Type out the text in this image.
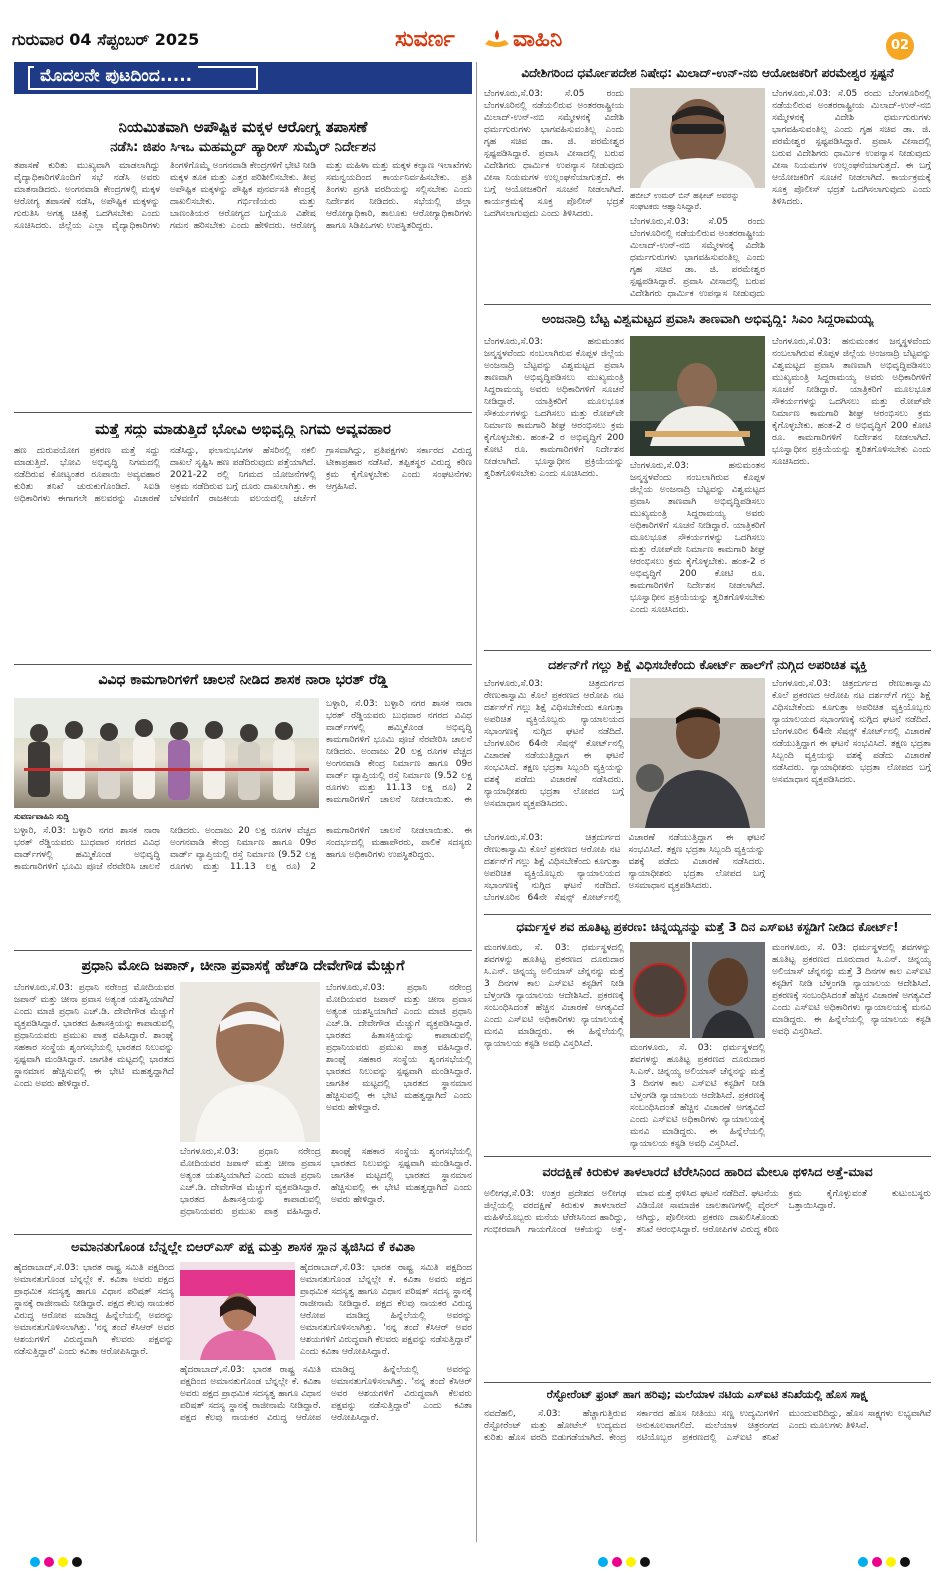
ಗುರುವಾರ 04 ಸೆಪ್ಟಂಬರ್ 2025	ಸುವರ್ಣ	ವಾಹಿನಿ	02
ಮೊದಲನೇ ಪುಟದಿಂದ.....
ನಿಯಮಿತವಾಗಿ ಅಪೌಷ್ಟಿಕ ಮಕ್ಕಳ ಆರೋಗ್ಯ ತಪಾಸಣೆ
ನಡೆಸಿ: ಜಿಪಂ ಸಿಇಒ ಮಹಮ್ಮದ್ ಹ್ಯಾರೀಸ್ ಸುಮೈರ್ ನಿರ್ದೇಶನ
ತಪಾಸಣೆ ಕುರಿತು ಮುಖ್ಯವಾಗಿ ಮಾಡಲಾಗಿದ್ದು ವೈದ್ಯಾಧಿಕಾರಿಗಳೊಂದಿಗೆ ಸಭೆ ನಡೆಸಿ ಅವರು ಮಾತನಾಡಿದರು. ಅಂಗನವಾಡಿ ಕೇಂದ್ರಗಳಲ್ಲಿ ಮಕ್ಕಳ ಆರೋಗ್ಯ ತಪಾಸಣೆ ನಡೆಸಿ, ಅಪೌಷ್ಟಿಕ ಮಕ್ಕಳನ್ನು ಗುರುತಿಸಿ ಅಗತ್ಯ ಚಿಕಿತ್ಸೆ ಒದಗಿಸಬೇಕು ಎಂದು ಸೂಚಿಸಿದರು. ಜಿಲ್ಲೆಯ ಎಲ್ಲಾ ವೈದ್ಯಾಧಿಕಾರಿಗಳು ತಿಂಗಳಿಗೊಮ್ಮೆ ಅಂಗನವಾಡಿ ಕೇಂದ್ರಗಳಿಗೆ ಭೇಟಿ ನೀಡಿ ಮಕ್ಕಳ ತೂಕ ಮತ್ತು ಎತ್ತರ ಪರಿಶೀಲಿಸಬೇಕು. ತೀವ್ರ ಅಪೌಷ್ಟಿಕ ಮಕ್ಕಳನ್ನು ಪೌಷ್ಟಿಕ ಪುನರ್ವಸತಿ ಕೇಂದ್ರಕ್ಕೆ ದಾಖಲಿಸಬೇಕು. ಗರ್ಭಿಣಿಯರು ಮತ್ತು ಬಾಣಂತಿಯರ ಆರೋಗ್ಯದ ಬಗ್ಗೆಯೂ ವಿಶೇಷ ಗಮನ ಹರಿಸಬೇಕು ಎಂದು ಹೇಳಿದರು. ಆರೋಗ್ಯ ಮತ್ತು ಮಹಿಳಾ ಮತ್ತು ಮಕ್ಕಳ ಕಲ್ಯಾಣ ಇಲಾಖೆಗಳು ಸಮನ್ವಯದಿಂದ ಕಾರ್ಯನಿರ್ವಹಿಸಬೇಕು. ಪ್ರತಿ ತಿಂಗಳು ಪ್ರಗತಿ ವರದಿಯನ್ನು ಸಲ್ಲಿಸಬೇಕು ಎಂದು ನಿರ್ದೇಶನ ನೀಡಿದರು. ಸಭೆಯಲ್ಲಿ ಜಿಲ್ಲಾ ಆರೋಗ್ಯಾಧಿಕಾರಿ, ತಾಲೂಕು ಆರೋಗ್ಯಾಧಿಕಾರಿಗಳು ಹಾಗೂ ಸಿಡಿಪಿಒಗಳು ಉಪಸ್ಥಿತರಿದ್ದರು.
ಮತ್ತೆ ಸದ್ದು ಮಾಡುತ್ತಿದೆ ಭೋವಿ ಅಭಿವೃದ್ಧಿ ನಿಗಮ ಅವ್ಯವಹಾರ
ಹಣ ದುರುಪಯೋಗ ಪ್ರಕರಣ ಮತ್ತೆ ಸದ್ದು ಮಾಡುತ್ತಿದೆ. ಭೋವಿ ಅಭಿವೃದ್ಧಿ ನಿಗಮದಲ್ಲಿ ನಡೆದಿರುವ ಕೋಟ್ಯಂತರ ರೂಪಾಯಿ ಅವ್ಯವಹಾರ ಕುರಿತು ತನಿಖೆ ಚುರುಕುಗೊಂಡಿದೆ. ಸಿಐಡಿ ಅಧಿಕಾರಿಗಳು ಈಗಾಗಲೇ ಹಲವರನ್ನು ವಿಚಾರಣೆ ನಡೆಸಿದ್ದು, ಫಲಾನುಭವಿಗಳ ಹೆಸರಿನಲ್ಲಿ ನಕಲಿ ದಾಖಲೆ ಸೃಷ್ಟಿಸಿ ಹಣ ಪಡೆದಿರುವುದು ಪತ್ತೆಯಾಗಿದೆ. 2021-22 ರಲ್ಲಿ ನಿಗಮದ ಯೋಜನೆಗಳಲ್ಲಿ ಅಕ್ರಮ ನಡೆದಿರುವ ಬಗ್ಗೆ ದೂರು ದಾಖಲಾಗಿತ್ತು. ಈ ಬೆಳವಣಿಗೆ ರಾಜಕೀಯ ವಲಯದಲ್ಲಿ ಚರ್ಚೆಗೆ ಗ್ರಾಸವಾಗಿದ್ದು, ಪ್ರತಿಪಕ್ಷಗಳು ಸರ್ಕಾರದ ವಿರುದ್ಧ ಟೀಕಾಪ್ರಹಾರ ನಡೆಸಿವೆ. ತಪ್ಪಿತಸ್ಥರ ವಿರುದ್ಧ ಕಠಿಣ ಕ್ರಮ ಕೈಗೊಳ್ಳಬೇಕು ಎಂದು ಸಂಘಟನೆಗಳು ಆಗ್ರಹಿಸಿವೆ.
ವಿವಿಧ ಕಾಮಗಾರಿಗಳಿಗೆ ಚಾಲನೆ ನೀಡಿದ ಶಾಸಕ ನಾರಾ ಭರತ್ ರೆಡ್ಡಿ
ಬಳ್ಳಾರಿ, ಸೆ.03: ಬಳ್ಳಾರಿ ನಗರ ಶಾಸಕ ನಾರಾ ಭರತ್ ರೆಡ್ಡಿಯವರು ಬುಧವಾರ ನಗರದ ವಿವಿಧ ವಾರ್ಡ್‌ಗಳಲ್ಲಿ ಹಮ್ಮಿಕೊಂಡ ಅಭಿವೃದ್ಧಿ ಕಾಮಗಾರಿಗಳಿಗೆ ಭೂಮಿ ಪೂಜೆ ನೆರವೇರಿಸಿ ಚಾಲನೆ ನೀಡಿದರು. ಅಂದಾಜು 20 ಲಕ್ಷ ರೂಗಳ ವೆಚ್ಚದ ಅಂಗನವಾಡಿ ಕೇಂದ್ರ ನಿರ್ಮಾಣ ಹಾಗೂ 09ರ ವಾರ್ಡ್ ವ್ಯಾಪ್ತಿಯಲ್ಲಿ ರಸ್ತೆ ನಿರ್ಮಾಣ (9.52 ಲಕ್ಷ ರೂಗಳು ಮತ್ತು 11.13 ಲಕ್ಷ ರೂ) 2 ಕಾಮಗಾರಿಗಳಿಗೆ ಚಾಲನೆ ನೀಡಲಾಯಿತು. ಈ
ಸುವರ್ಣವಾಹಿನಿ ಸುದ್ದಿ
ಬಳ್ಳಾರಿ, ಸೆ.03: ಬಳ್ಳಾರಿ ನಗರ ಶಾಸಕ ನಾರಾ ಭರತ್ ರೆಡ್ಡಿಯವರು ಬುಧವಾರ ನಗರದ ವಿವಿಧ ವಾರ್ಡ್‌ಗಳಲ್ಲಿ ಹಮ್ಮಿಕೊಂಡ ಅಭಿವೃದ್ಧಿ ಕಾಮಗಾರಿಗಳಿಗೆ ಭೂಮಿ ಪೂಜೆ ನೆರವೇರಿಸಿ ಚಾಲನೆ ನೀಡಿದರು. ಅಂದಾಜು 20 ಲಕ್ಷ ರೂಗಳ ವೆಚ್ಚದ ಅಂಗನವಾಡಿ ಕೇಂದ್ರ ನಿರ್ಮಾಣ ಹಾಗೂ 09ರ ವಾರ್ಡ್ ವ್ಯಾಪ್ತಿಯಲ್ಲಿ ರಸ್ತೆ ನಿರ್ಮಾಣ (9.52 ಲಕ್ಷ ರೂಗಳು ಮತ್ತು 11.13 ಲಕ್ಷ ರೂ) 2 ಕಾಮಗಾರಿಗಳಿಗೆ ಚಾಲನೆ ನೀಡಲಾಯಿತು. ಈ ಸಂದರ್ಭದಲ್ಲಿ ಮಹಾಪೌರರು, ಪಾಲಿಕೆ ಸದಸ್ಯರು ಹಾಗೂ ಅಧಿಕಾರಿಗಳು ಉಪಸ್ಥಿತರಿದ್ದರು.
ಪ್ರಧಾನಿ ಮೋದಿ ಜಪಾನ್, ಚೀನಾ ಪ್ರವಾಸಕ್ಕೆ ಹೆಚ್‌ಡಿ ದೇವೇಗೌಡ ಮೆಚ್ಚುಗೆ
ಬೆಂಗಳೂರು,ಸೆ.03: ಪ್ರಧಾನಿ ನರೇಂದ್ರ ಮೋದಿಯವರ ಜಪಾನ್ ಮತ್ತು ಚೀನಾ ಪ್ರವಾಸ ಅತ್ಯಂತ ಯಶಸ್ವಿಯಾಗಿದೆ ಎಂದು ಮಾಜಿ ಪ್ರಧಾನಿ ಎಚ್.ಡಿ. ದೇವೇಗೌಡ ಮೆಚ್ಚುಗೆ ವ್ಯಕ್ತಪಡಿಸಿದ್ದಾರೆ. ಭಾರತದ ಹಿತಾಸಕ್ತಿಯನ್ನು ಕಾಪಾಡುವಲ್ಲಿ ಪ್ರಧಾನಿಯವರು ಪ್ರಮುಖ ಪಾತ್ರ ವಹಿಸಿದ್ದಾರೆ. ಶಾಂಘೈ ಸಹಕಾರ ಸಂಸ್ಥೆಯ ಶೃಂಗಸಭೆಯಲ್ಲಿ ಭಾರತದ ನಿಲುವನ್ನು ಸ್ಪಷ್ಟವಾಗಿ ಮಂಡಿಸಿದ್ದಾರೆ. ಜಾಗತಿಕ ಮಟ್ಟದಲ್ಲಿ ಭಾರತದ ಸ್ಥಾನಮಾನ ಹೆಚ್ಚಿಸುವಲ್ಲಿ ಈ ಭೇಟಿ ಮಹತ್ವದ್ದಾಗಿದೆ ಎಂದು ಅವರು ಹೇಳಿದ್ದಾರೆ.
ಬೆಂಗಳೂರು,ಸೆ.03: ಪ್ರಧಾನಿ ನರೇಂದ್ರ ಮೋದಿಯವರ ಜಪಾನ್ ಮತ್ತು ಚೀನಾ ಪ್ರವಾಸ ಅತ್ಯಂತ ಯಶಸ್ವಿಯಾಗಿದೆ ಎಂದು ಮಾಜಿ ಪ್ರಧಾನಿ ಎಚ್.ಡಿ. ದೇವೇಗೌಡ ಮೆಚ್ಚುಗೆ ವ್ಯಕ್ತಪಡಿಸಿದ್ದಾರೆ. ಭಾರತದ ಹಿತಾಸಕ್ತಿಯನ್ನು ಕಾಪಾಡುವಲ್ಲಿ ಪ್ರಧಾನಿಯವರು ಪ್ರಮುಖ ಪಾತ್ರ ವಹಿಸಿದ್ದಾರೆ. ಶಾಂಘೈ ಸಹಕಾರ ಸಂಸ್ಥೆಯ ಶೃಂಗಸಭೆಯಲ್ಲಿ ಭಾರತದ ನಿಲುವನ್ನು ಸ್ಪಷ್ಟವಾಗಿ ಮಂಡಿಸಿದ್ದಾರೆ. ಜಾಗತಿಕ ಮಟ್ಟದಲ್ಲಿ ಭಾರತದ ಸ್ಥಾನಮಾನ ಹೆಚ್ಚಿಸುವಲ್ಲಿ ಈ ಭೇಟಿ ಮಹತ್ವದ್ದಾಗಿದೆ ಎಂದು ಅವರು ಹೇಳಿದ್ದಾರೆ.
ಬೆಂಗಳೂರು,ಸೆ.03: ಪ್ರಧಾನಿ ನರೇಂದ್ರ ಮೋದಿಯವರ ಜಪಾನ್ ಮತ್ತು ಚೀನಾ ಪ್ರವಾಸ ಅತ್ಯಂತ ಯಶಸ್ವಿಯಾಗಿದೆ ಎಂದು ಮಾಜಿ ಪ್ರಧಾನಿ ಎಚ್.ಡಿ. ದೇವೇಗೌಡ ಮೆಚ್ಚುಗೆ ವ್ಯಕ್ತಪಡಿಸಿದ್ದಾರೆ. ಭಾರತದ ಹಿತಾಸಕ್ತಿಯನ್ನು ಕಾಪಾಡುವಲ್ಲಿ ಪ್ರಧಾನಿಯವರು ಪ್ರಮುಖ ಪಾತ್ರ ವಹಿಸಿದ್ದಾರೆ. ಶಾಂಘೈ ಸಹಕಾರ ಸಂಸ್ಥೆಯ ಶೃಂಗಸಭೆಯಲ್ಲಿ ಭಾರತದ ನಿಲುವನ್ನು ಸ್ಪಷ್ಟವಾಗಿ ಮಂಡಿಸಿದ್ದಾರೆ. ಜಾಗತಿಕ ಮಟ್ಟದಲ್ಲಿ ಭಾರತದ ಸ್ಥಾನಮಾನ ಹೆಚ್ಚಿಸುವಲ್ಲಿ ಈ ಭೇಟಿ ಮಹತ್ವದ್ದಾಗಿದೆ ಎಂದು ಅವರು ಹೇಳಿದ್ದಾರೆ.
ಅಮಾನತುಗೊಂಡ ಬೆನ್ನಲ್ಲೇ ಬಿಆರ್‌ಎಸ್ ಪಕ್ಷ ಮತ್ತು ಶಾಸಕ ಸ್ಥಾನ ತ್ಯಜಿಸಿದ ಕೆ ಕವಿತಾ
ಹೈದರಾಬಾದ್,ಸೆ.03: ಭಾರತ ರಾಷ್ಟ್ರ ಸಮಿತಿ ಪಕ್ಷದಿಂದ ಅಮಾನತುಗೊಂಡ ಬೆನ್ನಲ್ಲೇ ಕೆ. ಕವಿತಾ ಅವರು ಪಕ್ಷದ ಪ್ರಾಥಮಿಕ ಸದಸ್ಯತ್ವ ಹಾಗೂ ವಿಧಾನ ಪರಿಷತ್ ಸದಸ್ಯ ಸ್ಥಾನಕ್ಕೆ ರಾಜೀನಾಮೆ ನೀಡಿದ್ದಾರೆ. ಪಕ್ಷದ ಕೆಲವು ನಾಯಕರ ವಿರುದ್ಧ ಆರೋಪ ಮಾಡಿದ್ದ ಹಿನ್ನೆಲೆಯಲ್ಲಿ ಅವರನ್ನು ಅಮಾನತುಗೊಳಿಸಲಾಗಿತ್ತು. 'ನನ್ನ ತಂದೆ ಕೆಸಿಆರ್ ಅವರ ಆಶಯಗಳಿಗೆ ವಿರುದ್ಧವಾಗಿ ಕೆಲವರು ಪಕ್ಷವನ್ನು ನಡೆಸುತ್ತಿದ್ದಾರೆ' ಎಂದು ಕವಿತಾ ಆರೋಪಿಸಿದ್ದಾರೆ.
ಹೈದರಾಬಾದ್,ಸೆ.03: ಭಾರತ ರಾಷ್ಟ್ರ ಸಮಿತಿ ಪಕ್ಷದಿಂದ ಅಮಾನತುಗೊಂಡ ಬೆನ್ನಲ್ಲೇ ಕೆ. ಕವಿತಾ ಅವರು ಪಕ್ಷದ ಪ್ರಾಥಮಿಕ ಸದಸ್ಯತ್ವ ಹಾಗೂ ವಿಧಾನ ಪರಿಷತ್ ಸದಸ್ಯ ಸ್ಥಾನಕ್ಕೆ ರಾಜೀನಾಮೆ ನೀಡಿದ್ದಾರೆ. ಪಕ್ಷದ ಕೆಲವು ನಾಯಕರ ವಿರುದ್ಧ ಆರೋಪ ಮಾಡಿದ್ದ ಹಿನ್ನೆಲೆಯಲ್ಲಿ ಅವರನ್ನು ಅಮಾನತುಗೊಳಿಸಲಾಗಿತ್ತು. 'ನನ್ನ ತಂದೆ ಕೆಸಿಆರ್ ಅವರ ಆಶಯಗಳಿಗೆ ವಿರುದ್ಧವಾಗಿ ಕೆಲವರು ಪಕ್ಷವನ್ನು ನಡೆಸುತ್ತಿದ್ದಾರೆ' ಎಂದು ಕವಿತಾ ಆರೋಪಿಸಿದ್ದಾರೆ.
ಹೈದರಾಬಾದ್,ಸೆ.03: ಭಾರತ ರಾಷ್ಟ್ರ ಸಮಿತಿ ಪಕ್ಷದಿಂದ ಅಮಾನತುಗೊಂಡ ಬೆನ್ನಲ್ಲೇ ಕೆ. ಕವಿತಾ ಅವರು ಪಕ್ಷದ ಪ್ರಾಥಮಿಕ ಸದಸ್ಯತ್ವ ಹಾಗೂ ವಿಧಾನ ಪರಿಷತ್ ಸದಸ್ಯ ಸ್ಥಾನಕ್ಕೆ ರಾಜೀನಾಮೆ ನೀಡಿದ್ದಾರೆ. ಪಕ್ಷದ ಕೆಲವು ನಾಯಕರ ವಿರುದ್ಧ ಆರೋಪ ಮಾಡಿದ್ದ ಹಿನ್ನೆಲೆಯಲ್ಲಿ ಅವರನ್ನು ಅಮಾನತುಗೊಳಿಸಲಾಗಿತ್ತು. 'ನನ್ನ ತಂದೆ ಕೆಸಿಆರ್ ಅವರ ಆಶಯಗಳಿಗೆ ವಿರುದ್ಧವಾಗಿ ಕೆಲವರು ಪಕ್ಷವನ್ನು ನಡೆಸುತ್ತಿದ್ದಾರೆ' ಎಂದು ಕವಿತಾ ಆರೋಪಿಸಿದ್ದಾರೆ.
ವಿದೇಶಿಗರಿಂದ ಧರ್ಮೋಪದೇಶ ನಿಷೇಧ: ಮಿಲಾದ್-ಉನ್-ನಬಿ ಆಯೋಜಕರಿಗೆ ಪರಮೇಶ್ವರ ಸ್ಪಷ್ಟನೆ
ಬೆಂಗಳೂರು,ಸೆ.03: ಸೆ.05 ರಂದು ಬೆಂಗಳೂರಿನಲ್ಲಿ ನಡೆಯಲಿರುವ ಅಂತರರಾಷ್ಟ್ರೀಯ ಮಿಲಾದ್-ಉನ್-ನಬಿ ಸಮ್ಮೇಳನಕ್ಕೆ ವಿದೇಶಿ ಧರ್ಮಗುರುಗಳು ಭಾಗವಹಿಸುವಂತಿಲ್ಲ ಎಂದು ಗೃಹ ಸಚಿವ ಡಾ. ಜಿ. ಪರಮೇಶ್ವರ ಸ್ಪಷ್ಟಪಡಿಸಿದ್ದಾರೆ. ಪ್ರವಾಸಿ ವೀಸಾದಲ್ಲಿ ಬರುವ ವಿದೇಶಿಗರು ಧಾರ್ಮಿಕ ಉಪನ್ಯಾಸ ನೀಡುವುದು ವೀಸಾ ನಿಯಮಗಳ ಉಲ್ಲಂಘನೆಯಾಗುತ್ತದೆ. ಈ ಬಗ್ಗೆ ಆಯೋಜಕರಿಗೆ ಸೂಚನೆ ನೀಡಲಾಗಿದೆ. ಕಾರ್ಯಕ್ರಮಕ್ಕೆ ಸೂಕ್ತ ಪೊಲೀಸ್ ಭದ್ರತೆ ಒದಗಿಸಲಾಗುವುದು ಎಂದು ತಿಳಿಸಿದರು.
ಹಬೀಬ್ ಉಮರ್ ಬಿನ್ ಹಫೀಜ್ ಅವರನ್ನು ಸಂಘಟಕರು ಆಹ್ವಾನಿಸಿದ್ದಾರೆ.
ಬೆಂಗಳೂರು,ಸೆ.03: ಸೆ.05 ರಂದು ಬೆಂಗಳೂರಿನಲ್ಲಿ ನಡೆಯಲಿರುವ ಅಂತರರಾಷ್ಟ್ರೀಯ ಮಿಲಾದ್-ಉನ್-ನಬಿ ಸಮ್ಮೇಳನಕ್ಕೆ ವಿದೇಶಿ ಧರ್ಮಗುರುಗಳು ಭಾಗವಹಿಸುವಂತಿಲ್ಲ ಎಂದು ಗೃಹ ಸಚಿವ ಡಾ. ಜಿ. ಪರಮೇಶ್ವರ ಸ್ಪಷ್ಟಪಡಿಸಿದ್ದಾರೆ. ಪ್ರವಾಸಿ ವೀಸಾದಲ್ಲಿ ಬರುವ ವಿದೇಶಿಗರು ಧಾರ್ಮಿಕ ಉಪನ್ಯಾಸ ನೀಡುವುದು
ಬೆಂಗಳೂರು,ಸೆ.03: ಸೆ.05 ರಂದು ಬೆಂಗಳೂರಿನಲ್ಲಿ ನಡೆಯಲಿರುವ ಅಂತರರಾಷ್ಟ್ರೀಯ ಮಿಲಾದ್-ಉನ್-ನಬಿ ಸಮ್ಮೇಳನಕ್ಕೆ ವಿದೇಶಿ ಧರ್ಮಗುರುಗಳು ಭಾಗವಹಿಸುವಂತಿಲ್ಲ ಎಂದು ಗೃಹ ಸಚಿವ ಡಾ. ಜಿ. ಪರಮೇಶ್ವರ ಸ್ಪಷ್ಟಪಡಿಸಿದ್ದಾರೆ. ಪ್ರವಾಸಿ ವೀಸಾದಲ್ಲಿ ಬರುವ ವಿದೇಶಿಗರು ಧಾರ್ಮಿಕ ಉಪನ್ಯಾಸ ನೀಡುವುದು ವೀಸಾ ನಿಯಮಗಳ ಉಲ್ಲಂಘನೆಯಾಗುತ್ತದೆ. ಈ ಬಗ್ಗೆ ಆಯೋಜಕರಿಗೆ ಸೂಚನೆ ನೀಡಲಾಗಿದೆ. ಕಾರ್ಯಕ್ರಮಕ್ಕೆ ಸೂಕ್ತ ಪೊಲೀಸ್ ಭದ್ರತೆ ಒದಗಿಸಲಾಗುವುದು ಎಂದು ತಿಳಿಸಿದರು.
ಅಂಜನಾದ್ರಿ ಬೆಟ್ಟ ವಿಶ್ವಮಟ್ಟದ ಪ್ರವಾಸಿ ತಾಣವಾಗಿ ಅಭಿವೃದ್ಧಿ: ಸಿಎಂ ಸಿದ್ದರಾಮಯ್ಯ
ಬೆಂಗಳೂರು,ಸೆ.03: ಹನುಮಂತನ ಜನ್ಮಸ್ಥಳವೆಂದು ನಂಬಲಾಗಿರುವ ಕೊಪ್ಪಳ ಜಿಲ್ಲೆಯ ಅಂಜನಾದ್ರಿ ಬೆಟ್ಟವನ್ನು ವಿಶ್ವಮಟ್ಟದ ಪ್ರವಾಸಿ ತಾಣವಾಗಿ ಅಭಿವೃದ್ಧಿಪಡಿಸಲು ಮುಖ್ಯಮಂತ್ರಿ ಸಿದ್ದರಾಮಯ್ಯ ಅವರು ಅಧಿಕಾರಿಗಳಿಗೆ ಸೂಚನೆ ನೀಡಿದ್ದಾರೆ. ಯಾತ್ರಿಕರಿಗೆ ಮೂಲಭೂತ ಸೌಕರ್ಯಗಳನ್ನು ಒದಗಿಸಲು ಮತ್ತು ರೋಪ್‌ವೇ ನಿರ್ಮಾಣ ಕಾಮಗಾರಿ ಶೀಘ್ರ ಆರಂಭಿಸಲು ಕ್ರಮ ಕೈಗೊಳ್ಳಬೇಕು. ಹಂತ-2 ರ ಅಭಿವೃದ್ಧಿಗೆ 200 ಕೋಟಿ ರೂ. ಕಾಮಗಾರಿಗಳಿಗೆ ನಿರ್ದೇಶನ ನೀಡಲಾಗಿದೆ. ಭೂಸ್ವಾಧೀನ ಪ್ರಕ್ರಿಯೆಯನ್ನು ತ್ವರಿತಗೊಳಿಸಬೇಕು ಎಂದು ಸೂಚಿಸಿದರು.
ಬೆಂಗಳೂರು,ಸೆ.03: ಹನುಮಂತನ ಜನ್ಮಸ್ಥಳವೆಂದು ನಂಬಲಾಗಿರುವ ಕೊಪ್ಪಳ ಜಿಲ್ಲೆಯ ಅಂಜನಾದ್ರಿ ಬೆಟ್ಟವನ್ನು ವಿಶ್ವಮಟ್ಟದ ಪ್ರವಾಸಿ ತಾಣವಾಗಿ ಅಭಿವೃದ್ಧಿಪಡಿಸಲು ಮುಖ್ಯಮಂತ್ರಿ ಸಿದ್ದರಾಮಯ್ಯ ಅವರು ಅಧಿಕಾರಿಗಳಿಗೆ ಸೂಚನೆ ನೀಡಿದ್ದಾರೆ. ಯಾತ್ರಿಕರಿಗೆ ಮೂಲಭೂತ ಸೌಕರ್ಯಗಳನ್ನು ಒದಗಿಸಲು ಮತ್ತು ರೋಪ್‌ವೇ ನಿರ್ಮಾಣ ಕಾಮಗಾರಿ ಶೀಘ್ರ ಆರಂಭಿಸಲು ಕ್ರಮ ಕೈಗೊಳ್ಳಬೇಕು. ಹಂತ-2 ರ ಅಭಿವೃದ್ಧಿಗೆ 200 ಕೋಟಿ ರೂ. ಕಾಮಗಾರಿಗಳಿಗೆ ನಿರ್ದೇಶನ ನೀಡಲಾಗಿದೆ. ಭೂಸ್ವಾಧೀನ ಪ್ರಕ್ರಿಯೆಯನ್ನು ತ್ವರಿತಗೊಳಿಸಬೇಕು ಎಂದು ಸೂಚಿಸಿದರು.
ಬೆಂಗಳೂರು,ಸೆ.03: ಹನುಮಂತನ ಜನ್ಮಸ್ಥಳವೆಂದು ನಂಬಲಾಗಿರುವ ಕೊಪ್ಪಳ ಜಿಲ್ಲೆಯ ಅಂಜನಾದ್ರಿ ಬೆಟ್ಟವನ್ನು ವಿಶ್ವಮಟ್ಟದ ಪ್ರವಾಸಿ ತಾಣವಾಗಿ ಅಭಿವೃದ್ಧಿಪಡಿಸಲು ಮುಖ್ಯಮಂತ್ರಿ ಸಿದ್ದರಾಮಯ್ಯ ಅವರು ಅಧಿಕಾರಿಗಳಿಗೆ ಸೂಚನೆ ನೀಡಿದ್ದಾರೆ. ಯಾತ್ರಿಕರಿಗೆ ಮೂಲಭೂತ ಸೌಕರ್ಯಗಳನ್ನು ಒದಗಿಸಲು ಮತ್ತು ರೋಪ್‌ವೇ ನಿರ್ಮಾಣ ಕಾಮಗಾರಿ ಶೀಘ್ರ ಆರಂಭಿಸಲು ಕ್ರಮ ಕೈಗೊಳ್ಳಬೇಕು. ಹಂತ-2 ರ ಅಭಿವೃದ್ಧಿಗೆ 200 ಕೋಟಿ ರೂ. ಕಾಮಗಾರಿಗಳಿಗೆ ನಿರ್ದೇಶನ ನೀಡಲಾಗಿದೆ. ಭೂಸ್ವಾಧೀನ ಪ್ರಕ್ರಿಯೆಯನ್ನು ತ್ವರಿತಗೊಳಿಸಬೇಕು ಎಂದು ಸೂಚಿಸಿದರು.
ದರ್ಶನ್‌ಗೆ ಗಲ್ಲು ಶಿಕ್ಷೆ ವಿಧಿಸಬೇಕೆಂದು ಕೋರ್ಟ್ ಹಾಲ್‌ಗೆ ನುಗ್ಗಿದ ಅಪರಿಚಿತ ವ್ಯಕ್ತಿ
ಬೆಂಗಳೂರು,ಸೆ.03: ಚಿತ್ರದುರ್ಗದ ರೇಣುಕಾಸ್ವಾಮಿ ಕೊಲೆ ಪ್ರಕರಣದ ಆರೋಪಿ ನಟ ದರ್ಶನ್‌ಗೆ ಗಲ್ಲು ಶಿಕ್ಷೆ ವಿಧಿಸಬೇಕೆಂದು ಕೂಗುತ್ತಾ ಅಪರಿಚಿತ ವ್ಯಕ್ತಿಯೊಬ್ಬರು ನ್ಯಾಯಾಲಯದ ಸಭಾಂಗಣಕ್ಕೆ ನುಗ್ಗಿದ ಘಟನೆ ನಡೆದಿದೆ. ಬೆಂಗಳೂರಿನ 64ನೇ ಸೆಷನ್ಸ್ ಕೋರ್ಟ್‌ನಲ್ಲಿ ವಿಚಾರಣೆ ನಡೆಯುತ್ತಿದ್ದಾಗ ಈ ಘಟನೆ ಸಂಭವಿಸಿದೆ. ತಕ್ಷಣ ಭದ್ರತಾ ಸಿಬ್ಬಂದಿ ವ್ಯಕ್ತಿಯನ್ನು ವಶಕ್ಕೆ ಪಡೆದು ವಿಚಾರಣೆ ನಡೆಸಿದರು. ನ್ಯಾಯಾಧೀಶರು ಭದ್ರತಾ ಲೋಪದ ಬಗ್ಗೆ ಅಸಮಾಧಾನ ವ್ಯಕ್ತಪಡಿಸಿದರು.
ಬೆಂಗಳೂರು,ಸೆ.03: ಚಿತ್ರದುರ್ಗದ ರೇಣುಕಾಸ್ವಾಮಿ ಕೊಲೆ ಪ್ರಕರಣದ ಆರೋಪಿ ನಟ ದರ್ಶನ್‌ಗೆ ಗಲ್ಲು ಶಿಕ್ಷೆ ವಿಧಿಸಬೇಕೆಂದು ಕೂಗುತ್ತಾ ಅಪರಿಚಿತ ವ್ಯಕ್ತಿಯೊಬ್ಬರು ನ್ಯಾಯಾಲಯದ ಸಭಾಂಗಣಕ್ಕೆ ನುಗ್ಗಿದ ಘಟನೆ ನಡೆದಿದೆ. ಬೆಂಗಳೂರಿನ 64ನೇ ಸೆಷನ್ಸ್ ಕೋರ್ಟ್‌ನಲ್ಲಿ ವಿಚಾರಣೆ ನಡೆಯುತ್ತಿದ್ದಾಗ ಈ ಘಟನೆ ಸಂಭವಿಸಿದೆ. ತಕ್ಷಣ ಭದ್ರತಾ ಸಿಬ್ಬಂದಿ ವ್ಯಕ್ತಿಯನ್ನು ವಶಕ್ಕೆ ಪಡೆದು ವಿಚಾರಣೆ ನಡೆಸಿದರು. ನ್ಯಾಯಾಧೀಶರು ಭದ್ರತಾ ಲೋಪದ ಬಗ್ಗೆ ಅಸಮಾಧಾನ ವ್ಯಕ್ತಪಡಿಸಿದರು.
ಬೆಂಗಳೂರು,ಸೆ.03: ಚಿತ್ರದುರ್ಗದ ರೇಣುಕಾಸ್ವಾಮಿ ಕೊಲೆ ಪ್ರಕರಣದ ಆರೋಪಿ ನಟ ದರ್ಶನ್‌ಗೆ ಗಲ್ಲು ಶಿಕ್ಷೆ ವಿಧಿಸಬೇಕೆಂದು ಕೂಗುತ್ತಾ ಅಪರಿಚಿತ ವ್ಯಕ್ತಿಯೊಬ್ಬರು ನ್ಯಾಯಾಲಯದ ಸಭಾಂಗಣಕ್ಕೆ ನುಗ್ಗಿದ ಘಟನೆ ನಡೆದಿದೆ. ಬೆಂಗಳೂರಿನ 64ನೇ ಸೆಷನ್ಸ್ ಕೋರ್ಟ್‌ನಲ್ಲಿ ವಿಚಾರಣೆ ನಡೆಯುತ್ತಿದ್ದಾಗ ಈ ಘಟನೆ ಸಂಭವಿಸಿದೆ. ತಕ್ಷಣ ಭದ್ರತಾ ಸಿಬ್ಬಂದಿ ವ್ಯಕ್ತಿಯನ್ನು ವಶಕ್ಕೆ ಪಡೆದು ವಿಚಾರಣೆ ನಡೆಸಿದರು. ನ್ಯಾಯಾಧೀಶರು ಭದ್ರತಾ ಲೋಪದ ಬಗ್ಗೆ ಅಸಮಾಧಾನ ವ್ಯಕ್ತಪಡಿಸಿದರು.
ಧರ್ಮಸ್ಥಳ ಶವ ಹೂತಿಟ್ಟ ಪ್ರಕರಣ: ಚಿನ್ನಯ್ಯನನ್ನು ಮತ್ತೆ 3 ದಿನ ಎಸ್‌ಐಟಿ ಕಸ್ಟಡಿಗೆ ನೀಡಿದ ಕೋರ್ಟ್!
ಮಂಗಳೂರು, ಸೆ. 03: ಧರ್ಮಸ್ಥಳದಲ್ಲಿ ಶವಗಳನ್ನು ಹೂತಿಟ್ಟ ಪ್ರಕರಣದ ದೂರುದಾರ ಸಿ.ಎನ್. ಚಿನ್ನಯ್ಯ ಅಲಿಯಾಸ್ ಚೆನ್ನನನ್ನು ಮತ್ತೆ 3 ದಿನಗಳ ಕಾಲ ಎಸ್‌ಐಟಿ ಕಸ್ಟಡಿಗೆ ನೀಡಿ ಬೆಳ್ತಂಗಡಿ ನ್ಯಾಯಾಲಯ ಆದೇಶಿಸಿದೆ. ಪ್ರಕರಣಕ್ಕೆ ಸಂಬಂಧಿಸಿದಂತೆ ಹೆಚ್ಚಿನ ವಿಚಾರಣೆ ಅಗತ್ಯವಿದೆ ಎಂದು ಎಸ್‌ಐಟಿ ಅಧಿಕಾರಿಗಳು ನ್ಯಾಯಾಲಯಕ್ಕೆ ಮನವಿ ಮಾಡಿದ್ದರು. ಈ ಹಿನ್ನೆಲೆಯಲ್ಲಿ ನ್ಯಾಯಾಲಯ ಕಸ್ಟಡಿ ಅವಧಿ ವಿಸ್ತರಿಸಿದೆ.	ಮಂಗಳೂರು, ಸೆ. 03: ಧರ್ಮಸ್ಥಳದಲ್ಲಿ ಶವಗಳನ್ನು ಹೂತಿಟ್ಟ ಪ್ರಕರಣದ ದೂರುದಾರ ಸಿ.ಎನ್. ಚಿನ್ನಯ್ಯ ಅಲಿಯಾಸ್ ಚೆನ್ನನನ್ನು ಮತ್ತೆ 3 ದಿನಗಳ ಕಾಲ ಎಸ್‌ಐಟಿ ಕಸ್ಟಡಿಗೆ ನೀಡಿ ಬೆಳ್ತಂಗಡಿ ನ್ಯಾಯಾಲಯ ಆದೇಶಿಸಿದೆ. ಪ್ರಕರಣಕ್ಕೆ ಸಂಬಂಧಿಸಿದಂತೆ ಹೆಚ್ಚಿನ ವಿಚಾರಣೆ ಅಗತ್ಯವಿದೆ ಎಂದು ಎಸ್‌ಐಟಿ ಅಧಿಕಾರಿಗಳು ನ್ಯಾಯಾಲಯಕ್ಕೆ ಮನವಿ ಮಾಡಿದ್ದರು. ಈ ಹಿನ್ನೆಲೆಯಲ್ಲಿ ನ್ಯಾಯಾಲಯ ಕಸ್ಟಡಿ ಅವಧಿ ವಿಸ್ತರಿಸಿದೆ.
ಮಂಗಳೂರು, ಸೆ. 03: ಧರ್ಮಸ್ಥಳದಲ್ಲಿ ಶವಗಳನ್ನು ಹೂತಿಟ್ಟ ಪ್ರಕರಣದ ದೂರುದಾರ ಸಿ.ಎನ್. ಚಿನ್ನಯ್ಯ ಅಲಿಯಾಸ್ ಚೆನ್ನನನ್ನು ಮತ್ತೆ 3 ದಿನಗಳ ಕಾಲ ಎಸ್‌ಐಟಿ ಕಸ್ಟಡಿಗೆ ನೀಡಿ ಬೆಳ್ತಂಗಡಿ ನ್ಯಾಯಾಲಯ ಆದೇಶಿಸಿದೆ. ಪ್ರಕರಣಕ್ಕೆ ಸಂಬಂಧಿಸಿದಂತೆ ಹೆಚ್ಚಿನ ವಿಚಾರಣೆ ಅಗತ್ಯವಿದೆ ಎಂದು ಎಸ್‌ಐಟಿ ಅಧಿಕಾರಿಗಳು ನ್ಯಾಯಾಲಯಕ್ಕೆ ಮನವಿ ಮಾಡಿದ್ದರು. ಈ ಹಿನ್ನೆಲೆಯಲ್ಲಿ ನ್ಯಾಯಾಲಯ ಕಸ್ಟಡಿ ಅವಧಿ ವಿಸ್ತರಿಸಿದೆ.
ವರದಕ್ಷಿಣೆ ಕಿರುಕುಳ ತಾಳಲಾರದೆ ಟೆರೇಸಿನಿಂದ ಹಾರಿದ ಮೇಲೂ ಥಳಿಸಿದ ಅತ್ತೆ-ಮಾವ
ಅಲೀಗಢ,ಸೆ.03: ಉತ್ತರ ಪ್ರದೇಶದ ಅಲೀಗಢ ಜಿಲ್ಲೆಯಲ್ಲಿ ವರದಕ್ಷಿಣೆ ಕಿರುಕುಳ ತಾಳಲಾರದೆ ಮಹಿಳೆಯೊಬ್ಬರು ಮನೆಯ ಟೆರೇಸಿನಿಂದ ಹಾರಿದ್ದು, ಗಂಭೀರವಾಗಿ ಗಾಯಗೊಂಡ ಆಕೆಯನ್ನು ಅತ್ತೆ-ಮಾವ ಮತ್ತೆ ಥಳಿಸಿದ ಘಟನೆ ನಡೆದಿದೆ. ಘಟನೆಯ ವಿಡಿಯೋ ಸಾಮಾಜಿಕ ಜಾಲತಾಣಗಳಲ್ಲಿ ವೈರಲ್ ಆಗಿದ್ದು, ಪೊಲೀಸರು ಪ್ರಕರಣ ದಾಖಲಿಸಿಕೊಂಡು ತನಿಖೆ ಆರಂಭಿಸಿದ್ದಾರೆ. ಆರೋಪಿಗಳ ವಿರುದ್ಧ ಕಠಿಣ ಕ್ರಮ ಕೈಗೊಳ್ಳುವಂತೆ ಕುಟುಂಬಸ್ಥರು ಒತ್ತಾಯಿಸಿದ್ದಾರೆ.
ರೆಸ್ಟೋರೆಂಟ್ ಫ್ರಂಟ್ ಹಾಗ ಹರಿವು; ಮಲೆಯಾಳ ನಟಿಯ ಎಸ್‌ಐಟಿ ತನಿಖೆಯಲ್ಲಿ ಹೊಸ ಸಾಕ್ಷ್ಯ
ನವದೆಹಲಿ, ಸೆ.03: ಹೆಚ್ಚಾಗುತ್ತಿರುವ ರೆಸ್ಟೋರೆಂಟ್ ಮತ್ತು ಹೋಟೆಲ್ ಉದ್ಯಮದ ಕುರಿತು ಹೊಸ ವರದಿ ಬಿಡುಗಡೆಯಾಗಿದೆ. ಕೇಂದ್ರ ಸರ್ಕಾರದ ಹೊಸ ನೀತಿಯು ಸಣ್ಣ ಉದ್ಯಮಿಗಳಿಗೆ ಅನುಕೂಲವಾಗಲಿದೆ. ಮಲೆಯಾಳ ಚಿತ್ರರಂಗದ ನಟಿಯೊಬ್ಬರ ಪ್ರಕರಣದಲ್ಲಿ ಎಸ್‌ಐಟಿ ತನಿಖೆ ಮುಂದುವರಿದಿದ್ದು, ಹೊಸ ಸಾಕ್ಷ್ಯಗಳು ಲಭ್ಯವಾಗಿವೆ ಎಂದು ಮೂಲಗಳು ತಿಳಿಸಿವೆ.
